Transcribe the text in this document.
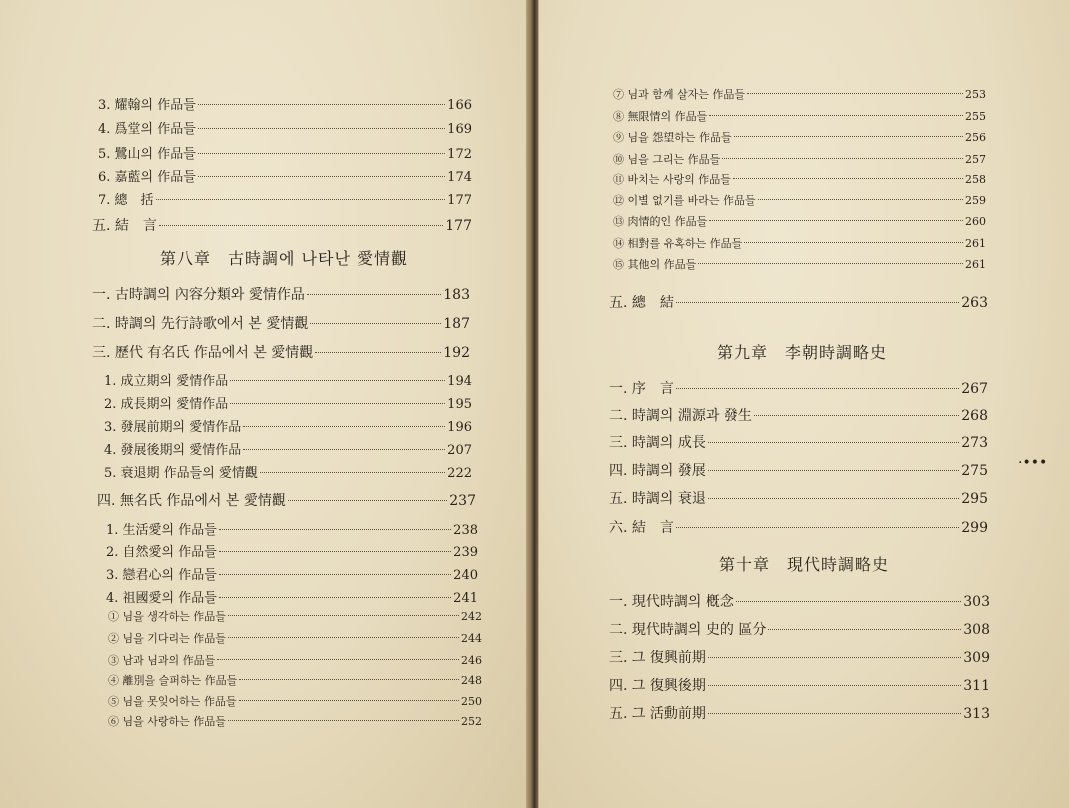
3. 耀翰의 作品들	166
4. 爲堂의 作品들	169
5. 鷺山의 作品들	172
6. 嘉藍의 作品들	174
7. 總　括	177
五. 結　言	177
第八章　古時調에 나타난 愛情觀
一. 古時調의 內容分類와 愛情作品	183
二. 時調의 先行詩歌에서 본 愛情觀	187
三. 歷代 有名氏 作品에서 본 愛情觀	192
1. 成立期의 愛情作品	194
2. 成長期의 愛情作品	195
3. 發展前期의 愛情作品	196
4. 發展後期의 愛情作品	207
5. 衰退期 作品들의 愛情觀	222
四. 無名氏 作品에서 본 愛情觀	237
1. 生活愛의 作品들	238
2. 自然愛의 作品들	239
3. 戀君心의 作品들	240
4. 祖國愛의 作品들	241
① 님을 생각하는 作品들	242
② 님을 기다리는 作品들	244
③ 남과 님과의 作品들	246
④ 離別을 슬퍼하는 作品들	248
⑤ 님을 못잊어하는 作品들	250
⑥ 님을 사랑하는 作品들	252
⑦ 님과 함께 살자는 作品들	253
⑧ 無限情의 作品들	255
⑨ 님을 怨望하는 作品들	256
⑩ 님을 그리는 作品들	257
⑪ 바치는 사랑의 作品들	258
⑫ 이별 없기를 바라는 作品들	259
⑬ 肉情的인 作品들	260
⑭ 相對를 유혹하는 作品들	261
⑮ 其他의 作品들	261
五. 總　結	263
第九章　李朝時調略史
一. 序　言	267
二. 時調의 淵源과 發生	268
三. 時調의 成長	273
四. 時調의 發展	275
五. 時調의 衰退	295
六. 結　言	299
第十章　現代時調略史
一. 現代時調의 槪念	303
二. 現代時調의 史的 區分	308
三. 그 復興前期	309
四. 그 復興後期	311
五. 그 活動前期	313
·•••
